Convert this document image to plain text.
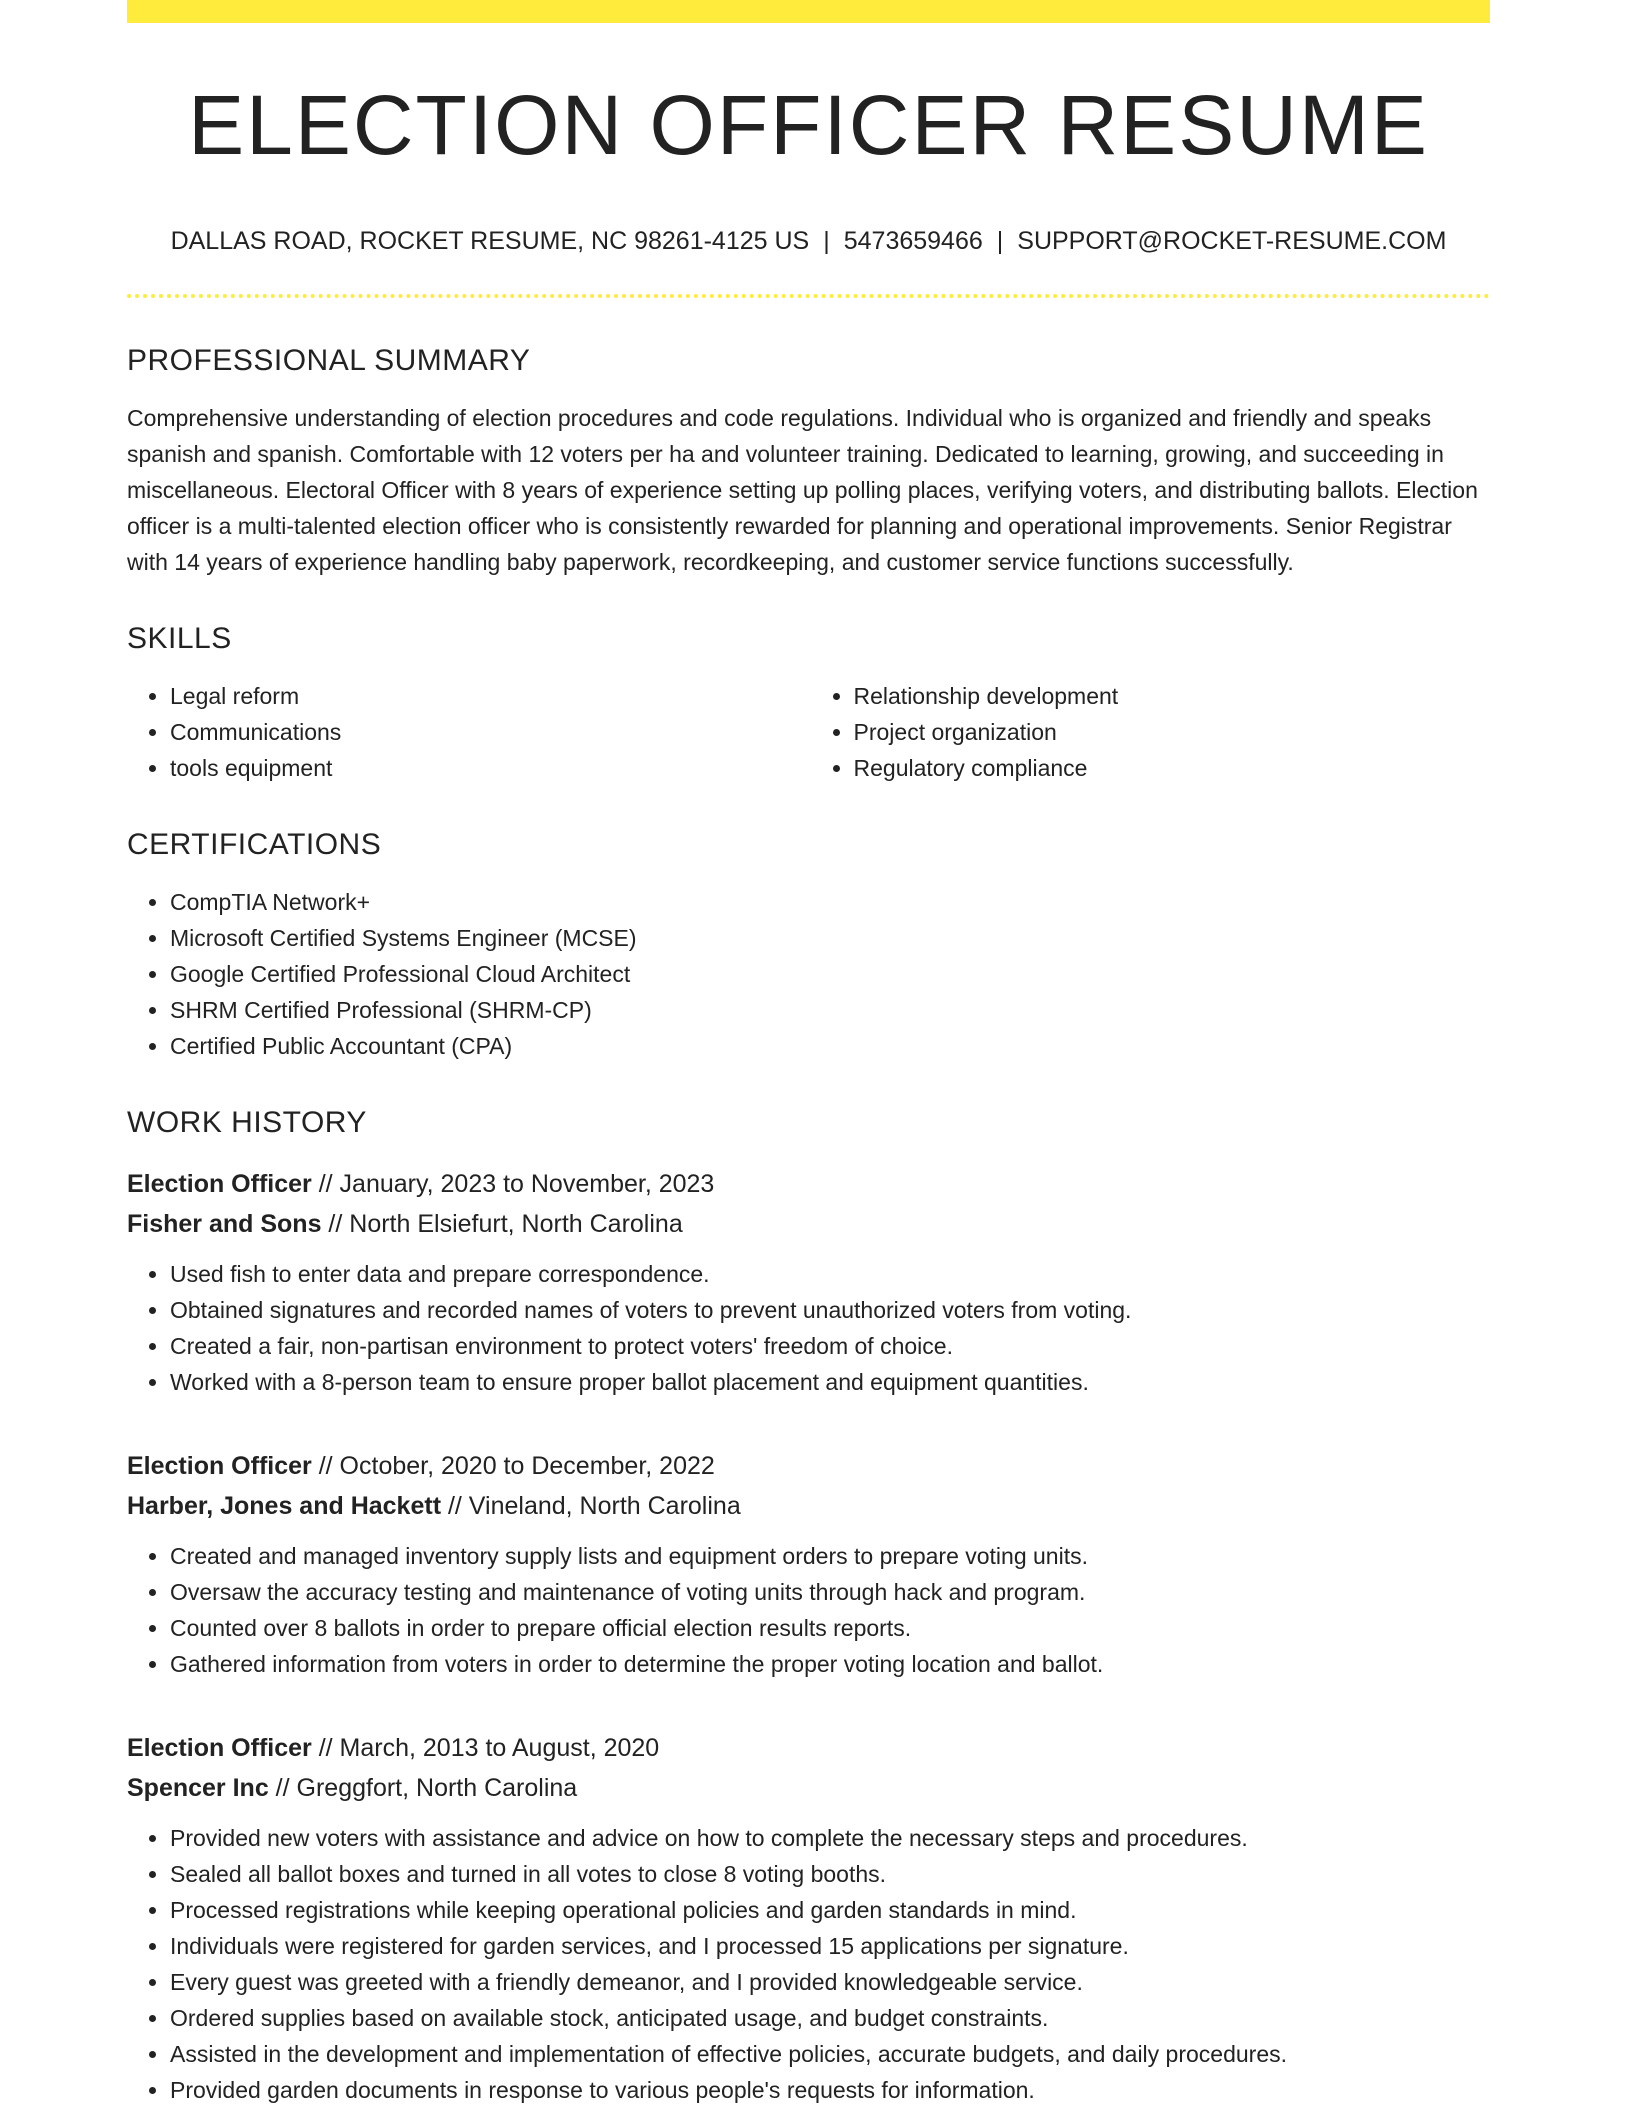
ELECTION OFFICER RESUME
DALLAS ROAD, ROCKET RESUME, NC 98261-4125 US | 5473659466 | SUPPORT@ROCKET-RESUME.COM
PROFESSIONAL SUMMARY
Comprehensive understanding of election procedures and code regulations. Individual who is organized and friendly and speaks spanish and spanish. Comfortable with 12 voters per ha and volunteer training. Dedicated to learning, growing, and succeeding in miscellaneous. Electoral Officer with 8 years of experience setting up polling places, verifying voters, and distributing ballots. Election officer is a multi-talented election officer who is consistently rewarded for planning and operational improvements. Senior Registrar with 14 years of experience handling baby paperwork, recordkeeping, and customer service functions successfully.
SKILLS
• Legal reform
• Communications
• tools equipment
• Relationship development
• Project organization
• Regulatory compliance
CERTIFICATIONS
• CompTIA Network+
• Microsoft Certified Systems Engineer (MCSE)
• Google Certified Professional Cloud Architect
• SHRM Certified Professional (SHRM-CP)
• Certified Public Accountant (CPA)
WORK HISTORY
Election Officer // January, 2023 to November, 2023
Fisher and Sons // North Elsiefurt, North Carolina
• Used fish to enter data and prepare correspondence.
• Obtained signatures and recorded names of voters to prevent unauthorized voters from voting.
• Created a fair, non-partisan environment to protect voters' freedom of choice.
• Worked with a 8-person team to ensure proper ballot placement and equipment quantities.
Election Officer // October, 2020 to December, 2022
Harber, Jones and Hackett // Vineland, North Carolina
• Created and managed inventory supply lists and equipment orders to prepare voting units.
• Oversaw the accuracy testing and maintenance of voting units through hack and program.
• Counted over 8 ballots in order to prepare official election results reports.
• Gathered information from voters in order to determine the proper voting location and ballot.
Election Officer // March, 2013 to August, 2020
Spencer Inc // Greggfort, North Carolina
• Provided new voters with assistance and advice on how to complete the necessary steps and procedures.
• Sealed all ballot boxes and turned in all votes to close 8 voting booths.
• Processed registrations while keeping operational policies and garden standards in mind.
• Individuals were registered for garden services, and I processed 15 applications per signature.
• Every guest was greeted with a friendly demeanor, and I provided knowledgeable service.
• Ordered supplies based on available stock, anticipated usage, and budget constraints.
• Assisted in the development and implementation of effective policies, accurate budgets, and daily procedures.
• Provided garden documents in response to various people's requests for information.
